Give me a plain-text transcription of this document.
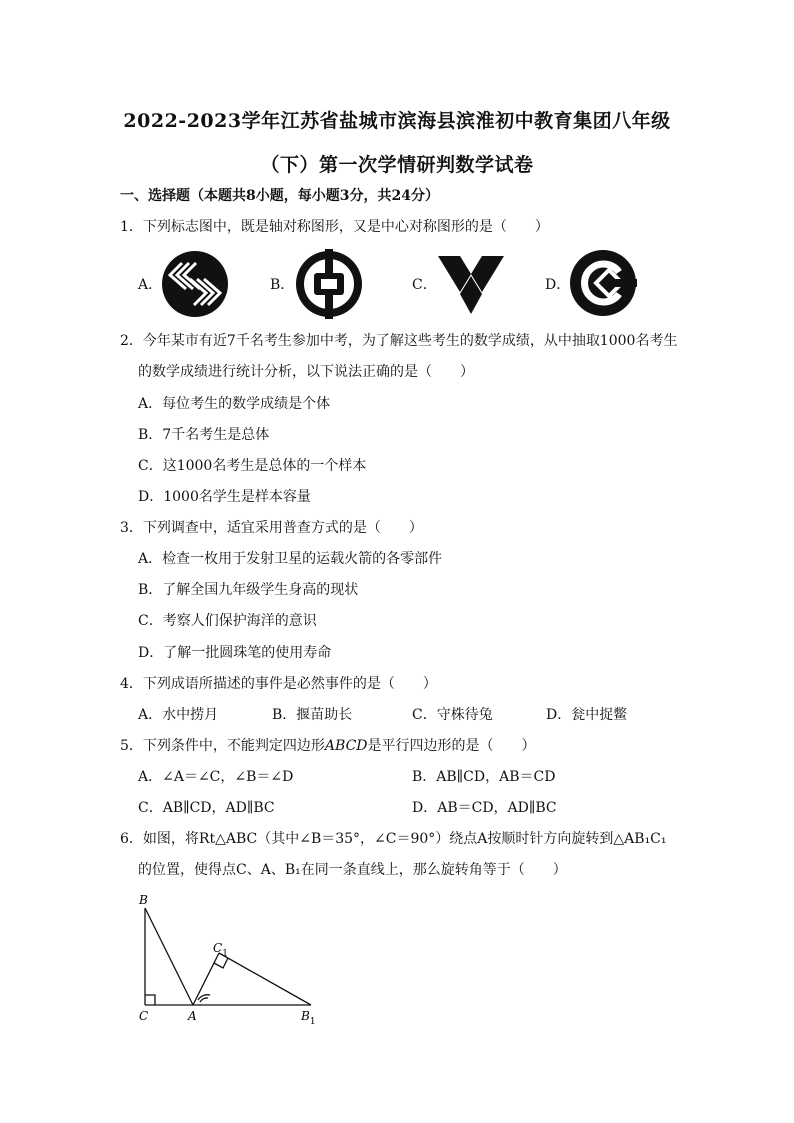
2022-2023学年江苏省盐城市滨海县滨淮初中教育集团八年级
（下）第一次学情研判数学试卷
一、选择题（本题共8小题，每小题3分，共24分）
1．下列标志图中，既是轴对称图形，又是中心对称图形的是（　　）
A．	B．	C．	D．
2．今年某市有近7千名考生参加中考，为了解这些考生的数学成绩，从中抽取1000名考生
的数学成绩进行统计分析，以下说法正确的是（　　）
A．每位考生的数学成绩是个体
B．7千名考生是总体
C．这1000名考生是总体的一个样本
D．1000名学生是样本容量
3．下列调查中，适宜采用普查方式的是（　　）
A．检查一枚用于发射卫星的运载火箭的各零部件
B．了解全国九年级学生身高的现状
C．考察人们保护海洋的意识
D．了解一批圆珠笔的使用寿命
4．下列成语所描述的事件是必然事件的是（　　）
A．水中捞月	B．揠苗助长	C．守株待兔	D．瓮中捉鳖
5．下列条件中，不能判定四边形ABCD是平行四边形的是（　　）
A．∠A＝∠C，∠B＝∠D	B．AB∥CD，AB＝CD
C．AB∥CD，AD∥BC	D．AB＝CD，AD∥BC
6．如图，将Rt△ABC（其中∠B＝35°，∠C＝90°）绕点A按顺时针方向旋转到△AB₁C₁
的位置，使得点C、A、B₁在同一条直线上，那么旋转角等于（　　）
B
C	A
$C_1$
$B_1$
